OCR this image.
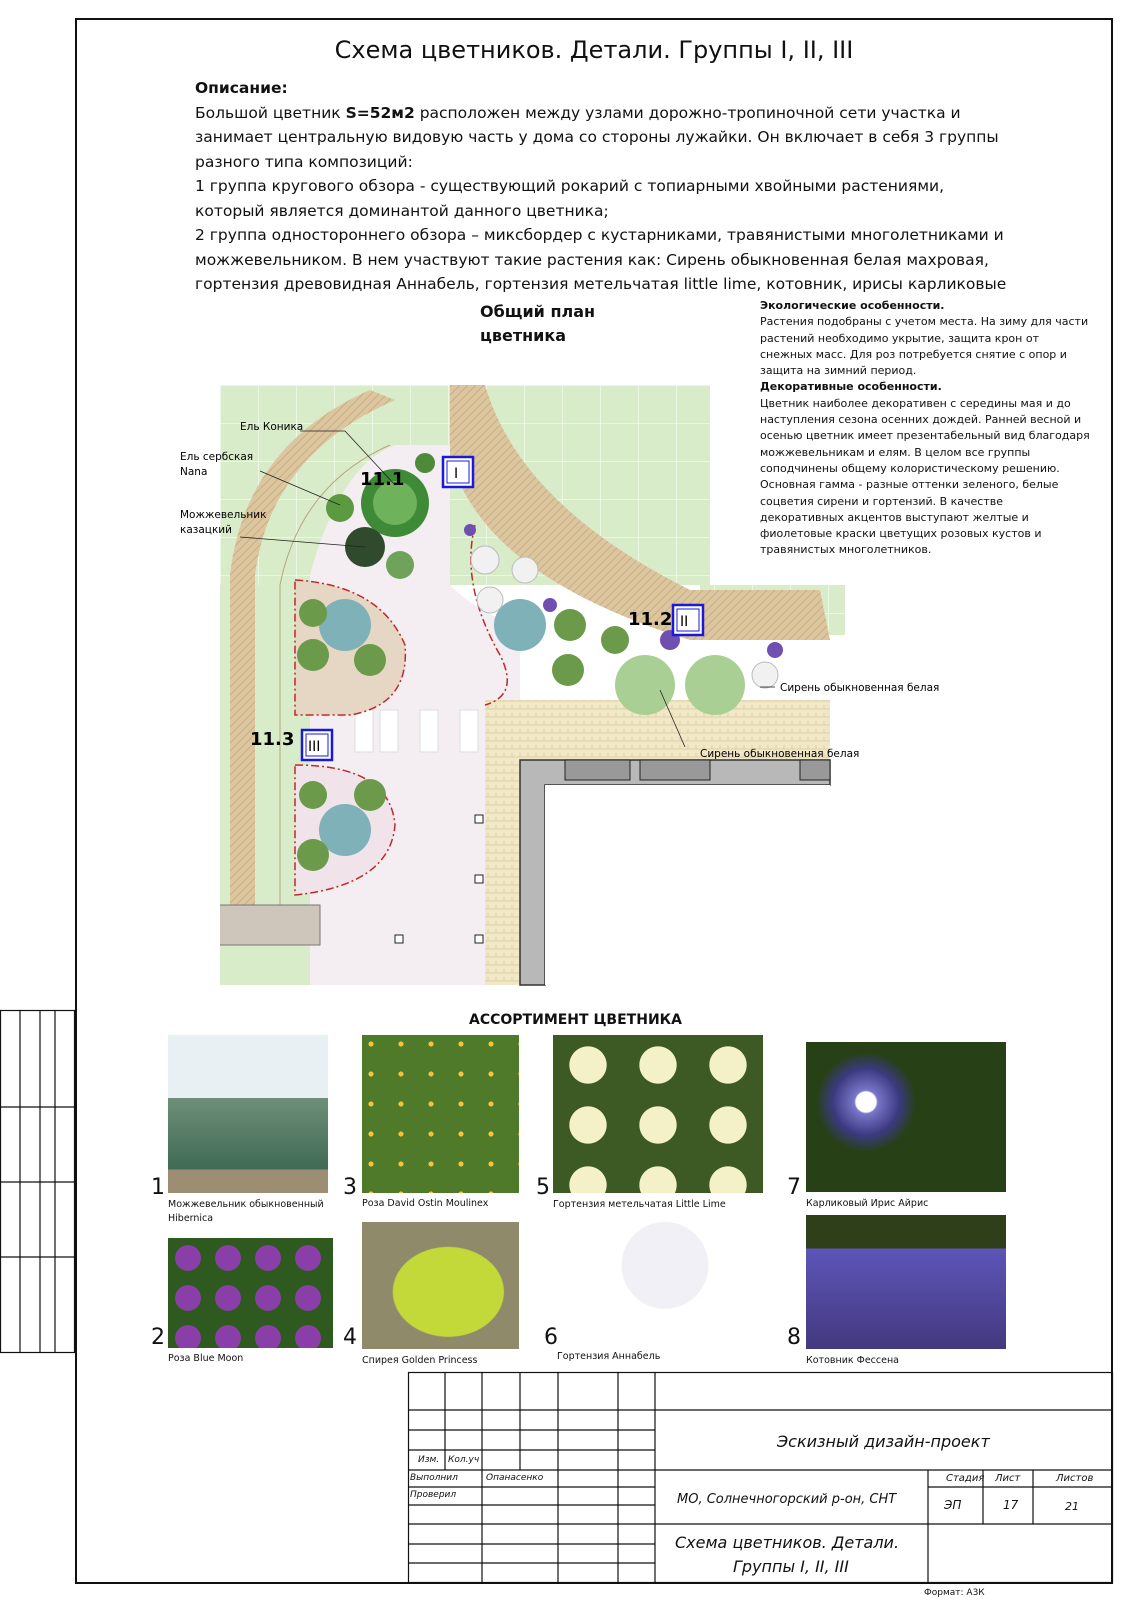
Схема цветников. Детали. Группы I, II, III
Описание:
Большой цветник S=52м2 расположен между узлами дорожно-тропиночной сети участка и занимает центральную видовую часть у дома со стороны лужайки. Он включает в себя 3 группы разного типа композиций:
1 группа кругового обзора - существующий рокарий с топиарными хвойными растениями, который является доминантой данного цветника;
2 группа одностороннего обзора – миксбордер с кустарниками, травянистыми многолетниками и можжевельником. В нем участвуют такие растения как: Сирень обыкновенная белая махровая, гортензия древовидная Аннабель, гортензия метельчатая little lime, котовник, ирисы карликовые
Общий план
цветника
Экологические особенности.
Растения подобраны с учетом места. На зиму для части растений необходимо укрытие, защита крон от снежных масс. Для роз потребуется снятие с опор и защита на зимний период.
Декоративные особенности.
Цветник наиболее декоративен с середины мая и до наступления сезона осенних дождей. Ранней весной и осенью цветник имеет презентабельный вид благодаря можжевельникам и елям. В целом все группы соподчинены общему колористическому решению. Основная гамма - разные оттенки зеленого, белые соцветия сирени и гортензий. В качестве декоративных акцентов выступают желтые и фиолетовые краски цветущих розовых кустов и травянистых многолетников.
Ель Коника
Ель сербская
Nana
Можжевельник
казацкий
11.1
11.2
11.3
I
II
III
Сирень обыкновенная белая
Сирень обыкновенная белая
АССОРТИМЕНТ ЦВЕТНИКА
1
Можжевельник обыкновенный Hibernica
3
Роза David Ostin Moulinex
5
Гортензия метельчатая Little Lime
7
Карликовый Ирис Айрис
2
Роза Blue Moon
4
Спирея Golden Princess
6
Гортензия Аннабель
8
Котовник Фессена
Изм. Кол.уч
Выполнил	Опанасенко
Проверил
Эскизный дизайн-проект
МО, Солнечногорский р-он, СНТ
Стадия Лист	Листов
ЭП	17	21
Схема цветников. Детали.
Группы I, II, III
Формат: А3К
